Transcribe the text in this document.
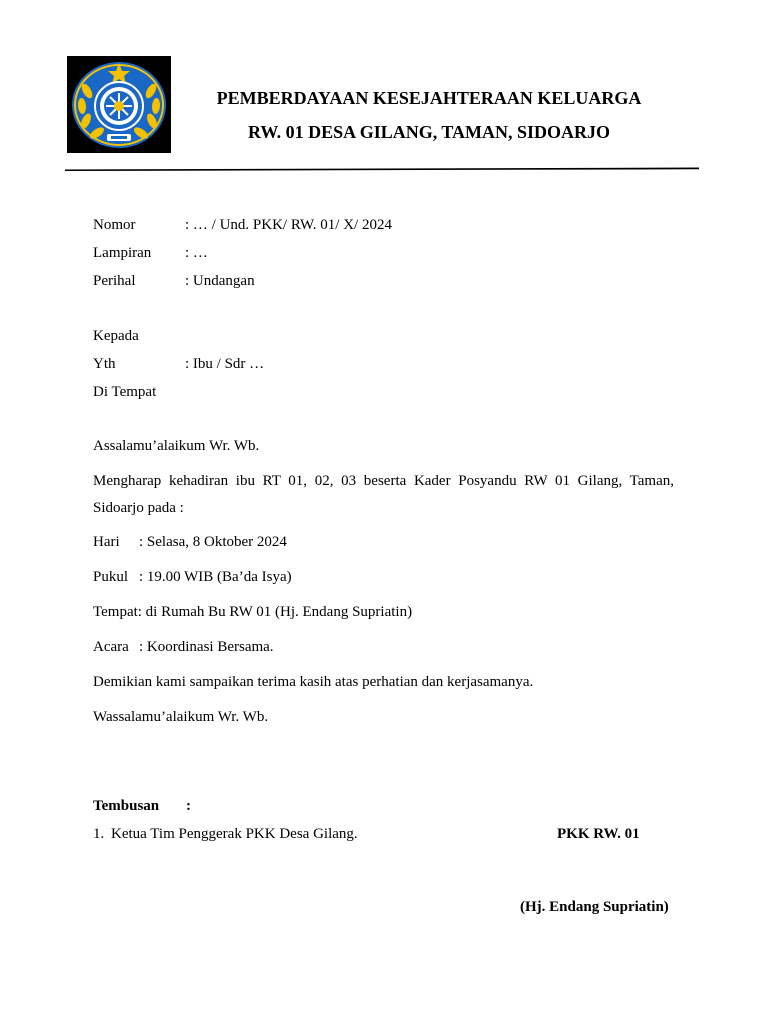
PEMBERDAYAAN KESEJAHTERAAN KELUARGA
RW. 01 DESA GILANG, TAMAN, SIDOARJO
Nomor	: … / Und. PKK/ RW. 01/ X/ 2024
Lampiran : …
Perihal	: Undangan
Kepada
Yth	: Ibu / Sdr …
Di Tempat
Assalamu’alaikum Wr. Wb.
Mengharap kehadiran ibu RT 01, 02, 03 beserta Kader Posyandu RW 01 Gilang, Taman,
Sidoarjo pada :
Hari : Selasa, 8 Oktober 2024
Pukul : 19.00 WIB (Ba’da Isya)
Tempat: di Rumah Bu RW 01 (Hj. Endang Supriatin)
Acara : Koordinasi Bersama.
Demikian kami sampaikan terima kasih atas perhatian dan kerjasamanya.
Wassalamu’alaikum Wr. Wb.
Tembusan :
1. Ketua Tim Penggerak PKK Desa Gilang.	PKK RW. 01
(Hj. Endang Supriatin)
